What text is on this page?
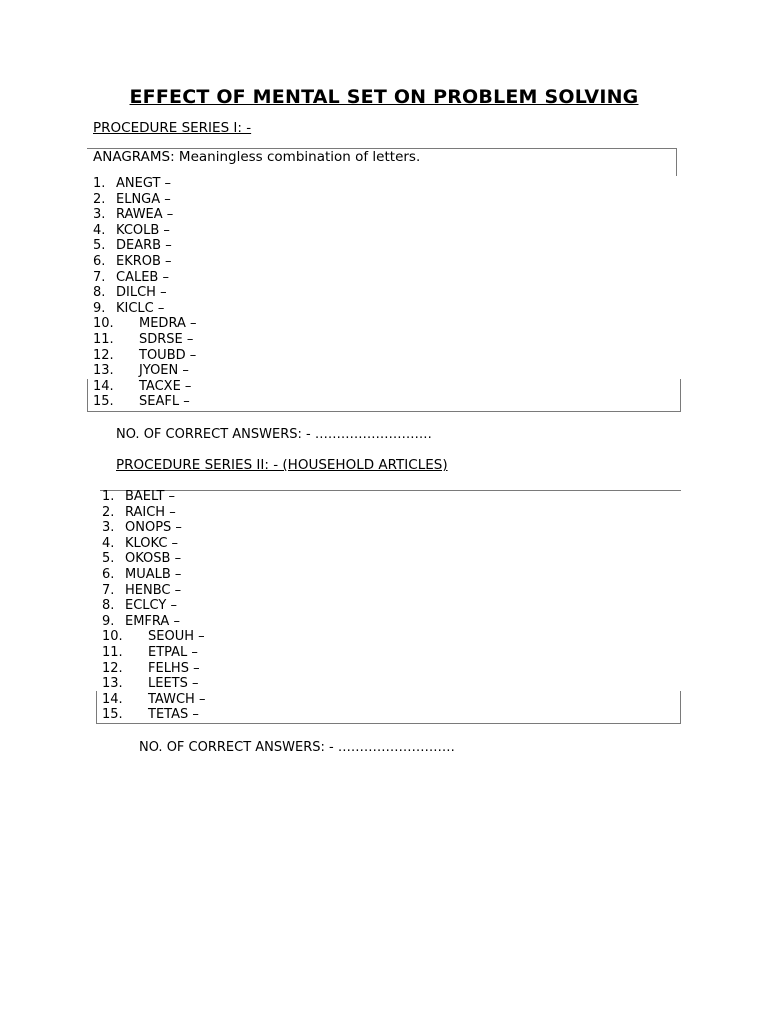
EFFECT OF MENTAL SET ON PROBLEM SOLVING
PROCEDURE SERIES I: -
ANAGRAMS: Meaningless combination of letters.
1. ANEGT –
2. ELNGA –
3. RAWEA –
4. KCOLB –
5. DEARB –
6. EKROB –
7. CALEB –
8. DILCH –
9. KICLC –
10. MEDRA –
11. SDRSE –
12. TOUBD –
13. JYOEN –
14. TACXE –
15. SEAFL –
NO. OF CORRECT ANSWERS: - ………………………
PROCEDURE SERIES II: - (HOUSEHOLD ARTICLES)
1. BAELT –
2. RAICH –
3. ONOPS –
4. KLOKC –
5. OKOSB –
6. MUALB –
7. HENBC –
8. ECLCY –
9. EMFRA –
10. SEOUH –
11. ETPAL –
12. FELHS –
13. LEETS –
14. TAWCH –
15. TETAS –
NO. OF CORRECT ANSWERS: - ………………………
